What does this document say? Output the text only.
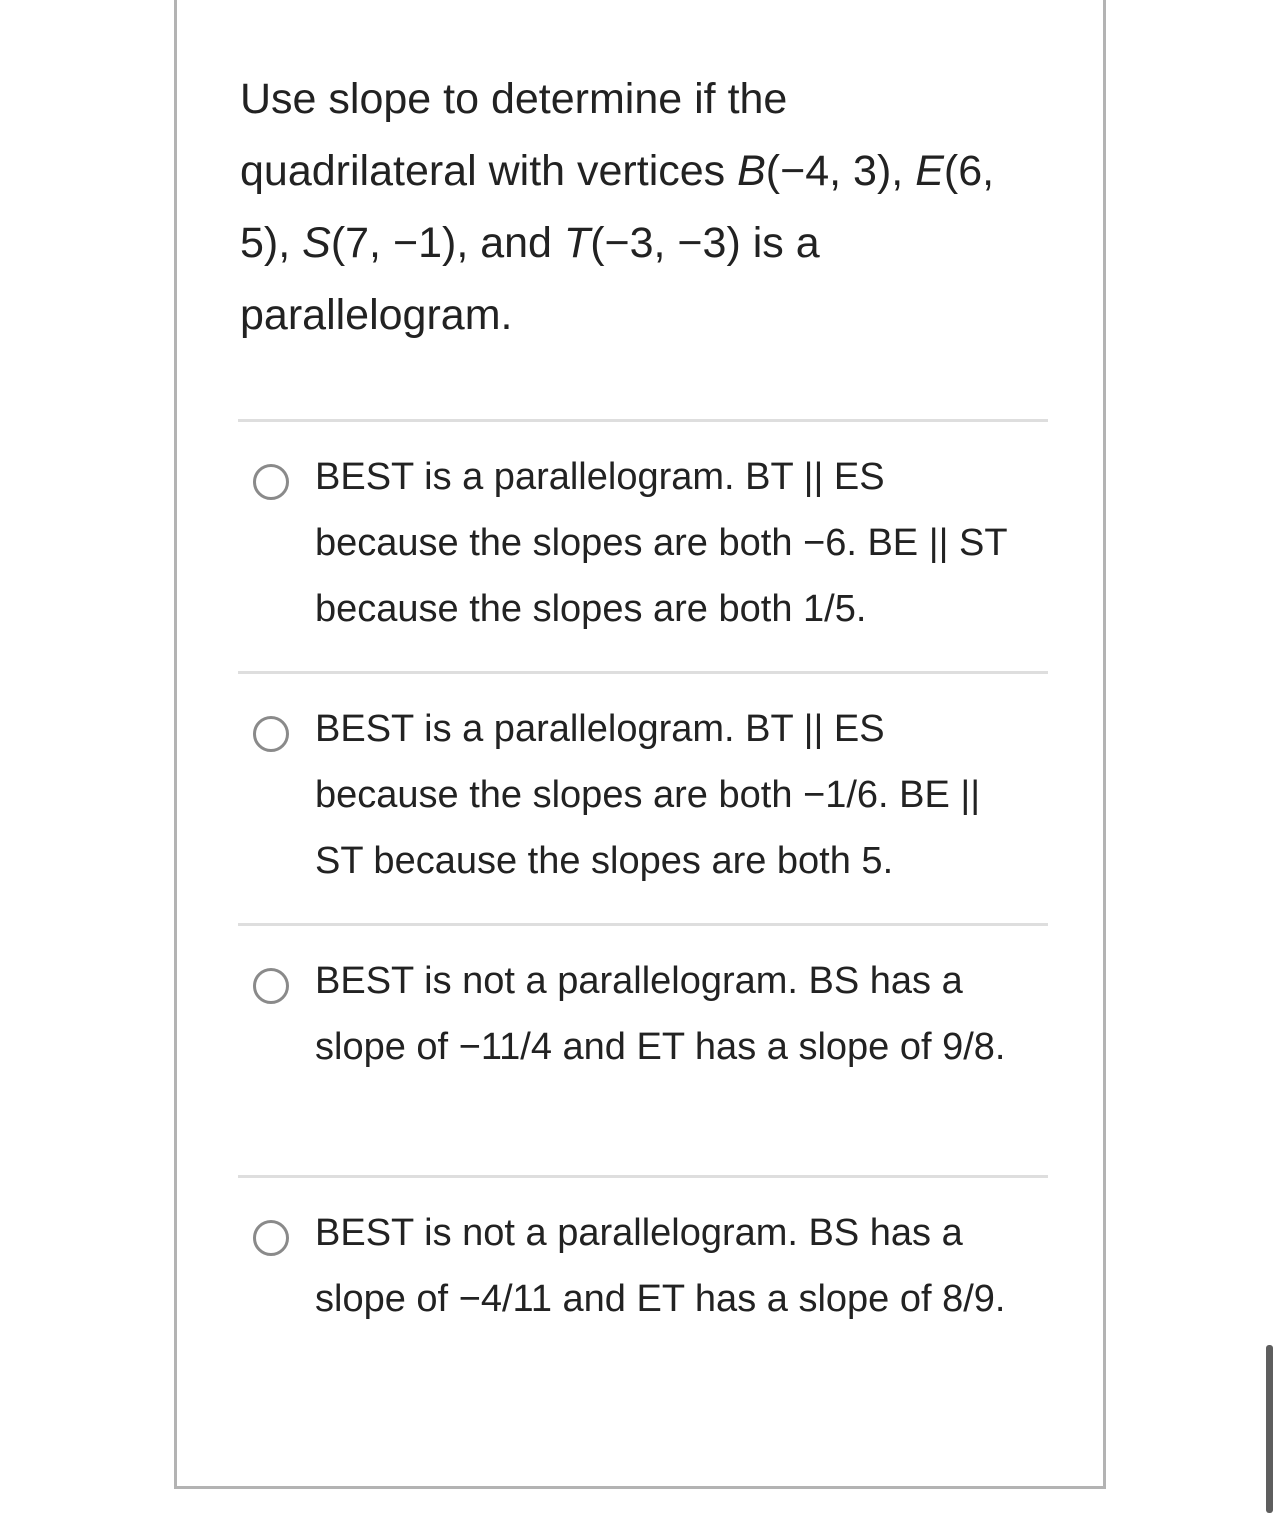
Use slope to determine if the quadrilateral with vertices B(−4, 3), E(6, 5), S(7, −1), and T(−3, −3) is a parallelogram.
BEST is a parallelogram. BT || ES because the slopes are both −6. BE || ST because the slopes are both 1/5.
BEST is a parallelogram. BT || ES because the slopes are both −1/6. BE || ST because the slopes are both 5.
BEST is not a parallelogram. BS has a slope of −11/4 and ET has a slope of 9/8.
BEST is not a parallelogram. BS has a slope of −4/11 and ET has a slope of 8/9.
